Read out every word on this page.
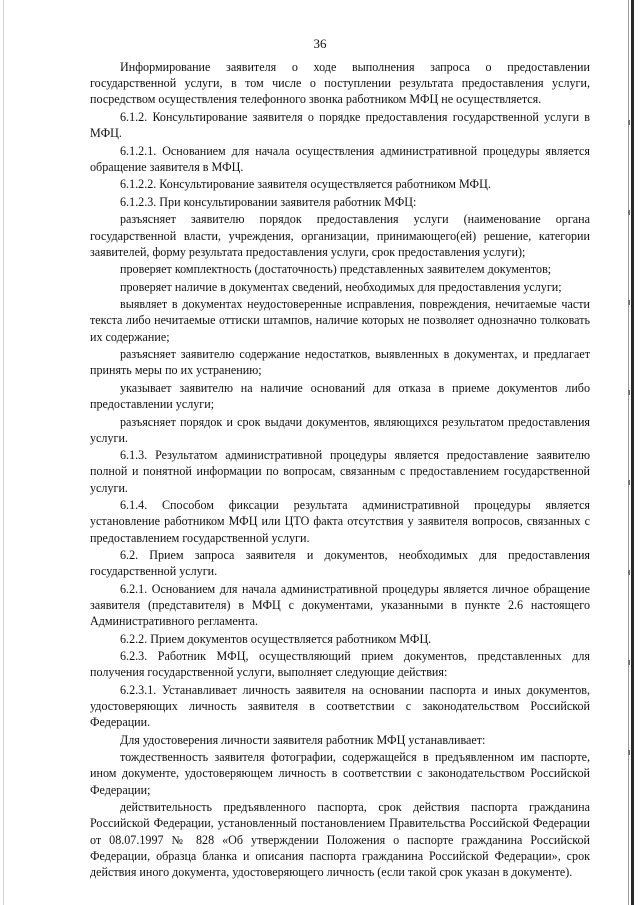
36

Информирование заявителя о ходе выполнения запроса о предоставлении государственной услуги, в том числе о поступлении результата предоставления услуги, посредством осуществления телефонного звонка работником МФЦ не осуществляется.

6.1.2. Консультирование заявителя о порядке предоставления государственной услуги в МФЦ.

6.1.2.1. Основанием для начала осуществления административной процедуры является обращение заявителя в МФЦ.

6.1.2.2. Консультирование заявителя осуществляется работником МФЦ.

6.1.2.3. При консультировании заявителя работник МФЦ:

разъясняет заявителю порядок предоставления услуги (наименование органа государственной власти, учреждения, организации, принимающего(ей) решение, категории заявителей, форму результата предоставления услуги, срок предоставления услуги);

проверяет комплектность (достаточность) представленных заявителем документов;

проверяет наличие в документах сведений, необходимых для предоставления услуги;

выявляет в документах неудостоверенные исправления, повреждения, нечитаемые части текста либо нечитаемые оттиски штампов, наличие которых не позволяет однозначно толковать их содержание;

разъясняет заявителю содержание недостатков, выявленных в документах, и предлагает принять меры по их устранению;

указывает заявителю на наличие оснований для отказа в приеме документов либо предоставлении услуги;

разъясняет порядок и срок выдачи документов, являющихся результатом предоставления услуги.

6.1.3. Результатом административной процедуры является предоставление заявителю полной и понятной информации по вопросам, связанным с предоставлением государственной услуги.

6.1.4. Способом фиксации результата административной процедуры является установление работником МФЦ или ЦТО факта отсутствия у заявителя вопросов, связанных с предоставлением государственной услуги.

6.2. Прием запроса заявителя и документов, необходимых для предоставления государственной услуги.

6.2.1. Основанием для начала административной процедуры является личное обращение заявителя (представителя) в МФЦ с документами, указанными в пункте 2.6 настоящего Административного регламента.

6.2.2. Прием документов осуществляется работником МФЦ.

6.2.3. Работник МФЦ, осуществляющий прием документов, представленных для получения государственной услуги, выполняет следующие действия:

6.2.3.1. Устанавливает личность заявителя на основании паспорта и иных документов, удостоверяющих личность заявителя в соответствии с законодательством Российской Федерации.

Для удостоверения личности заявителя работник МФЦ устанавливает:

тождественность заявителя фотографии, содержащейся в предъявленном им паспорте, ином документе, удостоверяющем личность в соответствии с законодательством Российской Федерации;

действительность предъявленного паспорта, срок действия паспорта гражданина Российской Федерации, установленный постановлением Правительства Российской Федерации от 08.07.1997 № 828 «Об утверждении Положения о паспорте гражданина Российской Федерации, образца бланка и описания паспорта гражданина Российской Федерации», срок действия иного документа, удостоверяющего личность (если такой срок указан в документе).
